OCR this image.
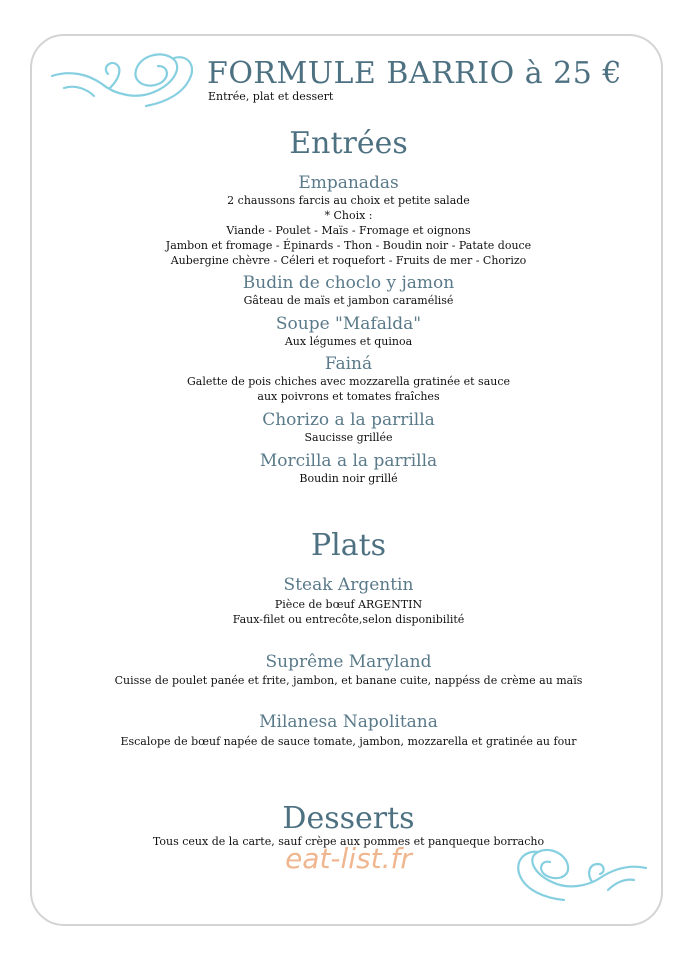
FORMULE BARRIO à 25 €
Entrée, plat et dessert
Entrées
Empanadas
2 chaussons farcis au choix et petite salade
* Choix :
Viande - Poulet - Maïs - Fromage et oignons
Jambon et fromage - Épinards - Thon - Boudin noir - Patate douce
Aubergine chèvre - Céleri et roquefort - Fruits de mer - Chorizo
Budin de choclo y jamon
Gâteau de maïs et jambon caramélisé
Soupe "Mafalda"
Aux légumes et quinoa
Fainá
Galette de pois chiches avec mozzarella gratinée et sauce
aux poivrons et tomates fraîches
Chorizo a la parrilla
Saucisse grillée
Morcilla a la parrilla
Boudin noir grillé
Plats
Steak Argentin
Pièce de bœuf ARGENTIN
Faux-filet ou entrecôte,selon disponibilité
Suprême Maryland
Cuisse de poulet panée et frite, jambon, et banane cuite, nappéss de crème au maïs
Milanesa Napolitana
Escalope de bœuf napée de sauce tomate, jambon, mozzarella et gratinée au four
Desserts
Tous ceux de la carte, sauf crèpe aux pommes et panqueque borracho
eat-list.fr
